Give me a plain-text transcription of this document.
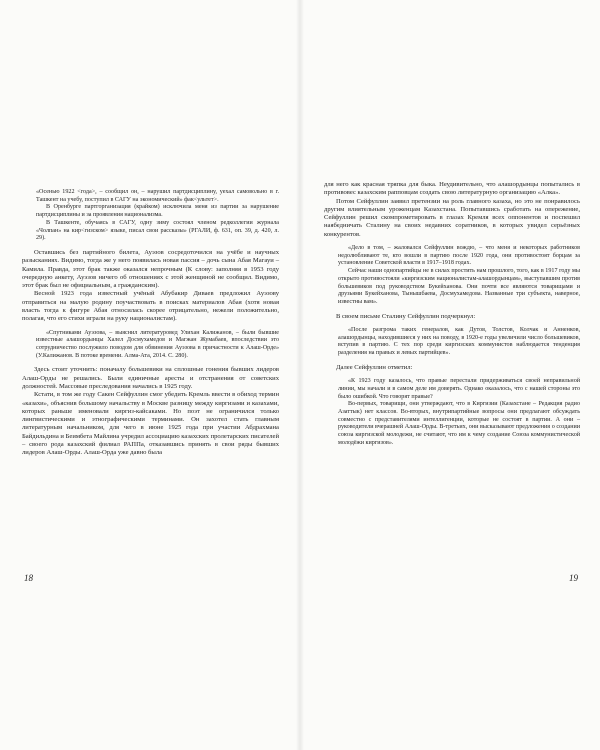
«Осенью 1922 <года>, – сообщил он, – нарушил партдисциплину, уехал самовольно в г. Ташкент на учебу, поступил в САГУ на экономический» фак<ультет>.

В Оренбурге партгорганизация (крайком) исключила меня из партии за нарушение партдисциплины и за проявления национализма.

В Ташкенте, обучаясь в САГУ, одну зиму состоял членом редколлегии журнала «Чолпан» на кир<гизском> языке, писал свои рассказы» (РГАЛИ, ф. 631, оп. 39, д. 420, л. 29).

Оставшись без партийного билета, Ауэзов сосредоточился на учёбе и научных разысканиях. Видимо, тогда же у него появилась новая пассия – дочь сына Абая Магауи – Камила. Правда, этот брак также оказался непрочным (К слову: заполняя в 1953 году очередную анкету, Ауэзов ничего об отношениях с этой женщиной не сообщил. Видимо, этот брак был не официальным, а гражданским).

Весной 1923 года известный учёный Абубакир Диваев предложил Ауэзову отправиться на малую родину поучаствовать в поисках материалов Абая (хотя новая власть тогда к фигуре Абая относилась скорее отрицательно, нежели положительно, полагая, что его стихи играли на руку националистам).

«Спутниками Ауэзова, – выяснил литературовед Улихан Калижанов, – были бывшие известные алашордынцы Халел Досмухамедов и Магжан Жумабаев, впоследствии это сотрудничество послужило поводом для обвинения Ауэзова в причастности к Алаш-Орде» (У.Калижанов. В потоке времени. Алма-Ата, 2014. С. 280).

Здесь стоит уточнить: поначалу большевики на сплошные гонения бывших лидеров Алаш-Орды не решались. Были единичные аресты и отстранения от советских должностей. Массовые преследования начались в 1925 году.

Кстати, в том же году Сакен Сейфуллин смог убедить Кремль ввести в обиход термин «казахи», объяснив большому начальству в Москве разницу между киргизами и казахами, которых раньше именовали киргиз-кайсаками. Но поэт не ограничился только лингвистическими и этнографическими терминами. Он захотел стать главным литературным начальником, для чего в июне 1925 года при участии Абдрахмана Байдильдина и Беимбета Майлина учредил ассоциацию казахских пролетарских писателей – своего рода казахский филиал РАППа, отказавшись принять в свои ряды бывших лидеров Алаш-Орды. Алаш-Орда уже давно была

18

для него как красная тряпка для быка. Неудивительно, что алашордынцы попытались в противовес казахским рапповцам создать свою литературную организацию «Алка».

Потом Сейфуллин заявил претензии на роль главного казаха, но это не понравилось другим влиятельным уроженцам Казахстана. Попытавшись сработать на опережение, Сейфуллин решил скомпрометировать в глазах Кремля всех оппонентов и поспешил наябедничать Сталину на своих недавних соратников, в которых увидел серьёзных конкурентов.

«Дело в том, – жаловался Сейфуллин вождю, – что меня и некоторых работников недолюбливают те, кто вошли в партию после 1920 года, они противостоят борцам за установление Советской власти в 1917–1918 годах.

Сейчас наши однопартийцы не в силах простить нам прошлого, того, как в 1917 году мы открыто противостояли «киргизским националистам-алашордынцам», выступавшим против большевиков под руководством Букейханова. Они почти все являются товарищами и друзьями Букейханова, Тынышбаева, Досмухамедова. Названные три субъекта, наверное, известны вам».

В своем письме Сталину Сейфуллин подчеркнул:

«После разгрома таких генералов, как Дутов, Толстов, Колчак и Анненков, алашордынцы, находившиеся у них на поводу, в 1920-е годы увеличили число большевиков, вступив в партию. С тех пор среди киргизских коммунистов наблюдается тенденция разделения на правых и левых партийцев».

Далее Сейфуллин отметил:

«К 1923 году казалось, что правые перестали придерживаться своей неправильной линии, мы начали и в самом деле им доверять. Однако оказалось, что с нашей стороны это было ошибкой. Что говорят правые?

Во-первых, товарищи, они утверждают, что в Киргизии (Казахстане – Редакция радио Азаттык) нет классов. Во-вторых, внутрипартийные вопросы они предлагают обсуждать совместно с представителями интеллигенции, которые не состоят в партии. А они – руководители вчерашней Алаш-Орды. В-третьих, они высказывают предложения о создании союза киргизской молодежи, не считают, что им к чему создание Союза коммунистической молодёжи киргизов».

19
